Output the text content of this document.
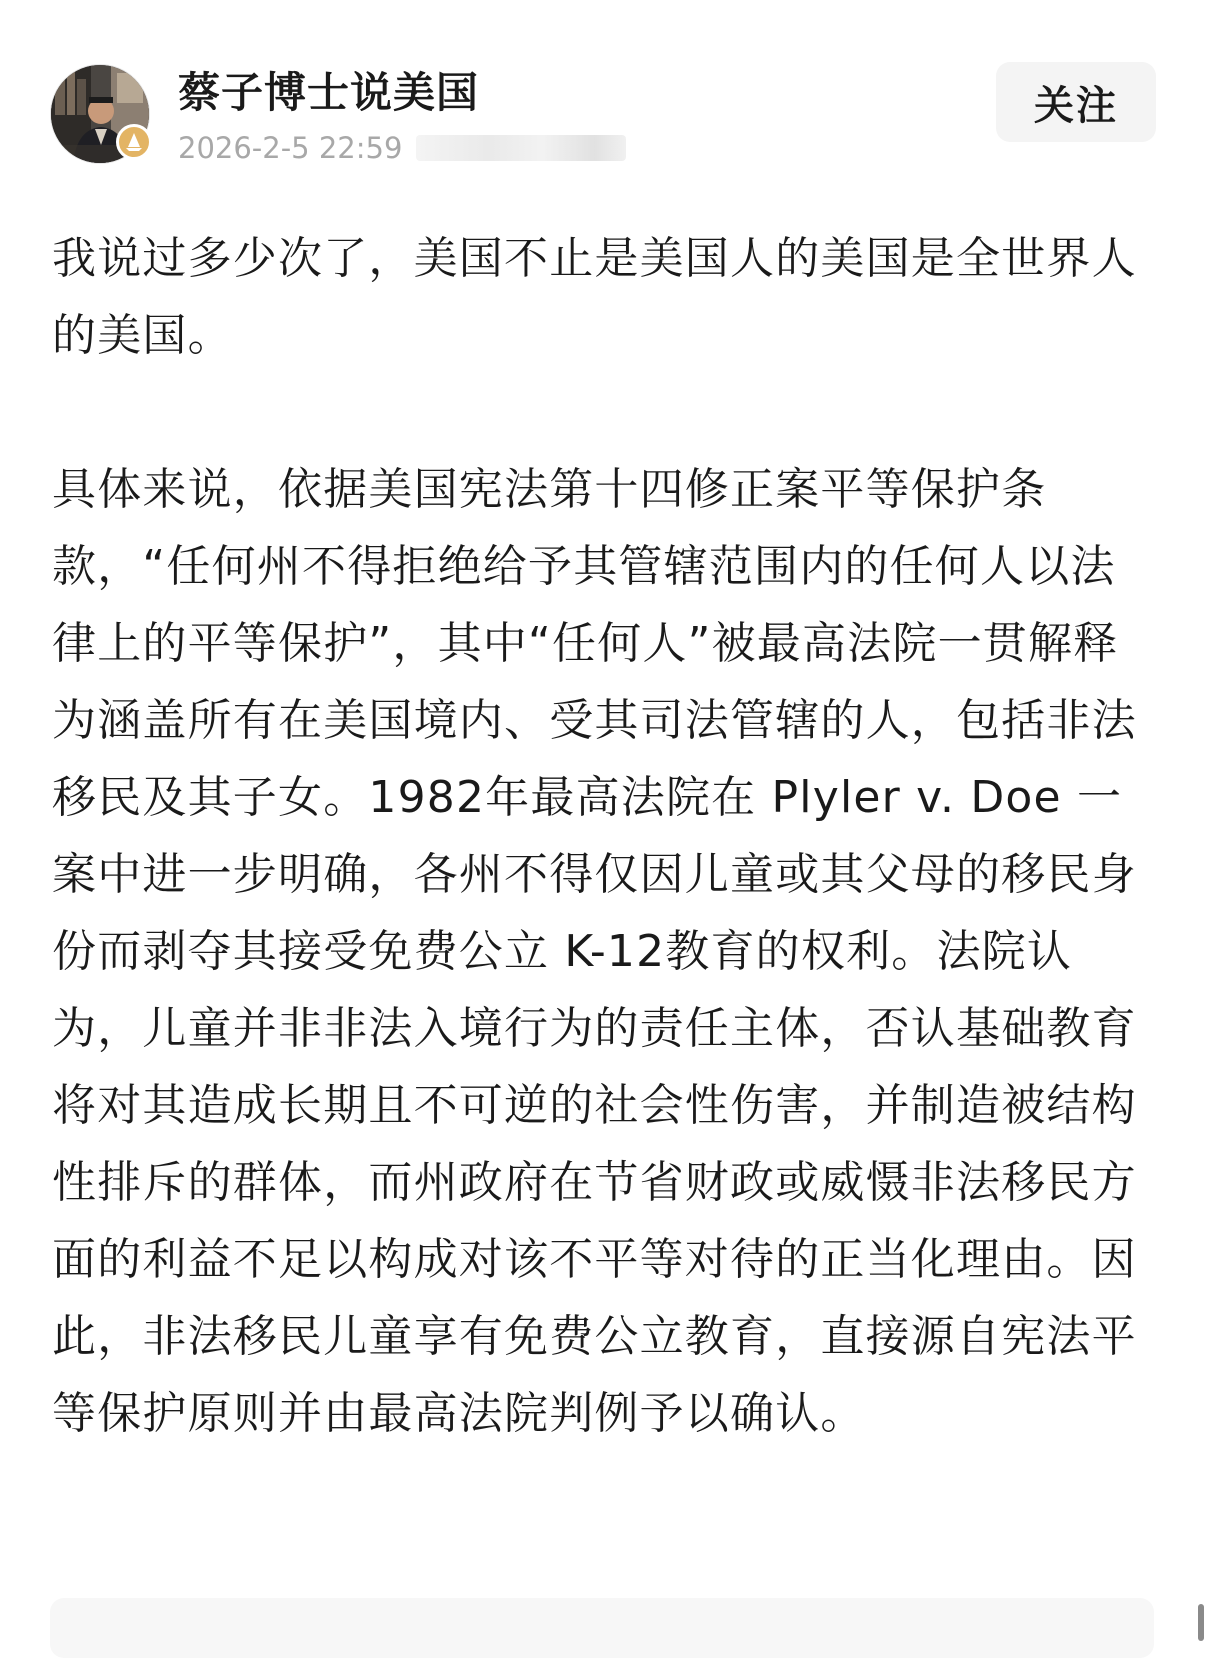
蔡子博士说美国
2026-2-5 22:59
关注

我说过多少次了，美国不止是美国人的美国是全世界人的美国。

具体来说，依据美国宪法第十四修正案平等保护条款，“任何州不得拒绝给予其管辖范围内的任何人以法律上的平等保护”，其中“任何人”被最高法院一贯解释为涵盖所有在美国境内、受其司法管辖的人，包括非法移民及其子女。1982年最高法院在 Plyler v. Doe 一案中进一步明确，各州不得仅因儿童或其父母的移民身份而剥夺其接受免费公立 K-12教育的权利。法院认为，儿童并非非法入境行为的责任主体，否认基础教育将对其造成长期且不可逆的社会性伤害，并制造被结构性排斥的群体，而州政府在节省财政或威慑非法移民方面的利益不足以构成对该不平等对待的正当化理由。因此，非法移民儿童享有免费公立教育，直接源自宪法平等保护原则并由最高法院判例予以确认。
